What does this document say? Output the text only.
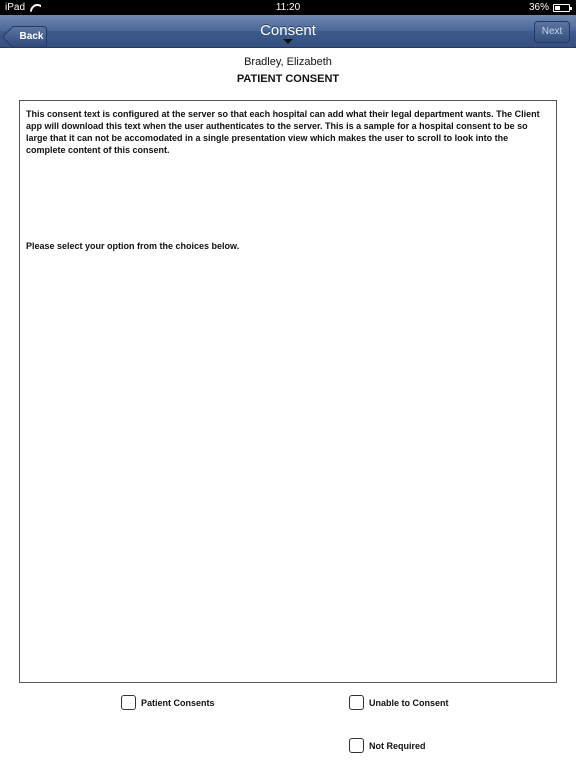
iPad	11:20	36%
Back	Consent	Next
Bradley, Elizabeth
PATIENT CONSENT

This consent text is configured at the server so that each hospital can add what their legal department wants. The Client app will download this text when the user authenticates to the server. This is a sample for a hospital consent to be so large that it can not be accomodated in a single presentation view which makes the user to scroll to look into the complete content of this consent.

Please select your option from the choices below.

Patient Consents	Unable to Consent
Not Required
